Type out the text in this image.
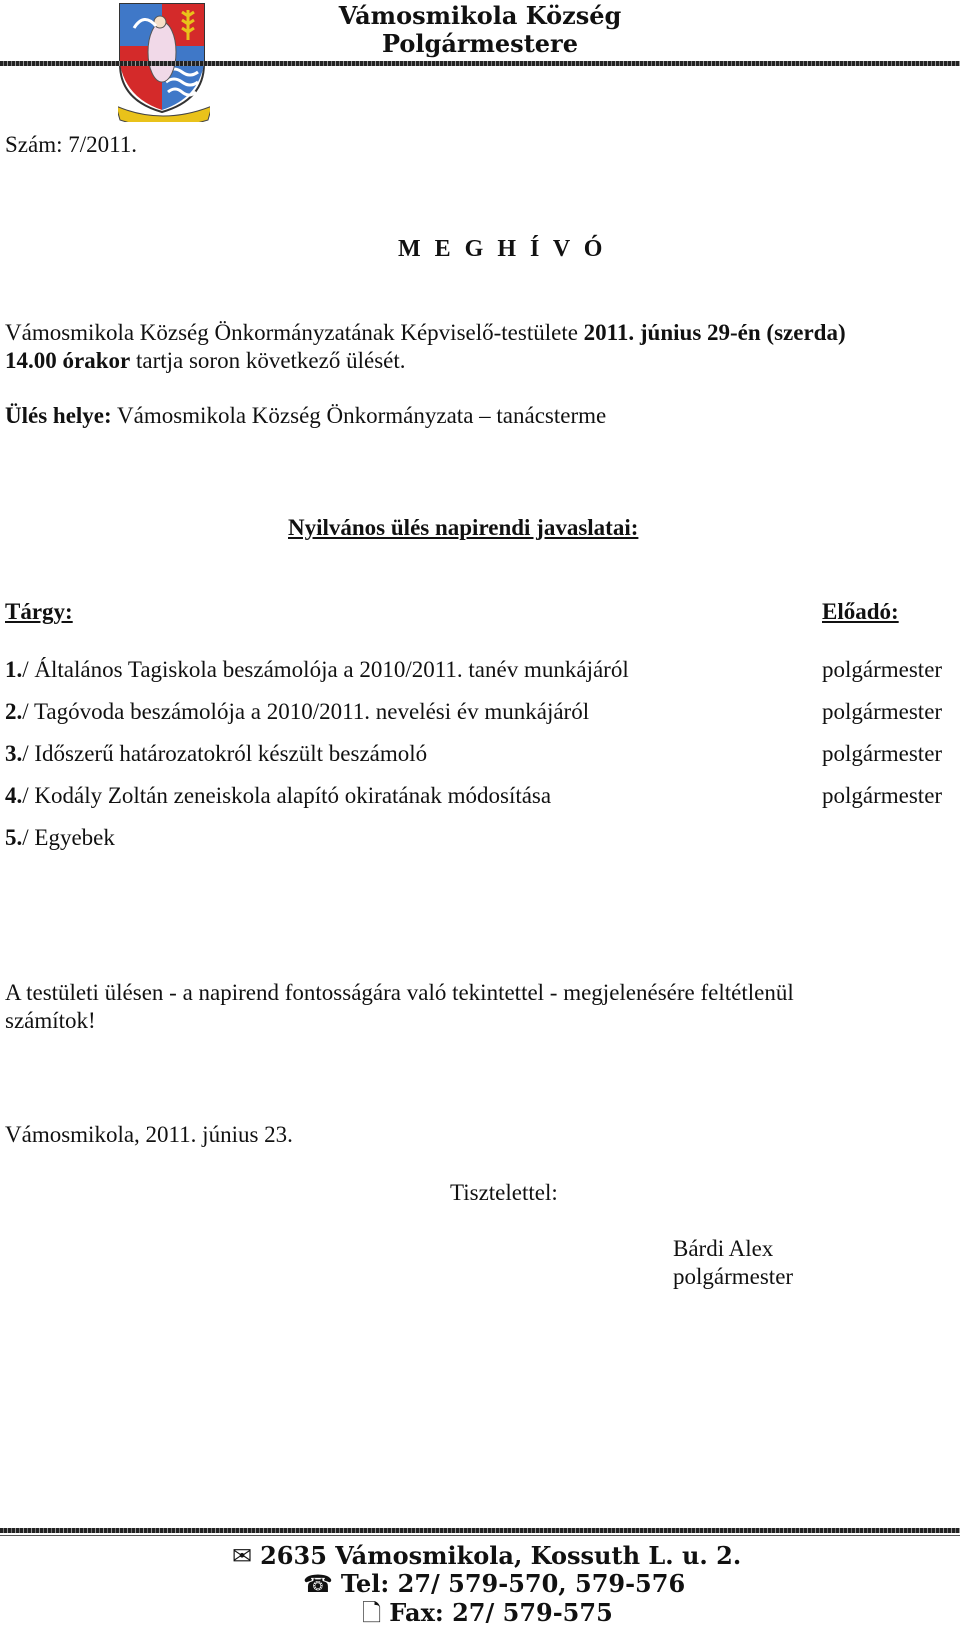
Vámosmikola Község
Polgármestere
Szám: 7/2011.
M E G H Í V Ó
Vámosmikola Község Önkormányzatának Képviselő-testülete 2011. június 29-én (szerda)
14.00 órakor tartja soron következő ülését.
Ülés helye: Vámosmikola Község Önkormányzata – tanácsterme
Nyilvános ülés napirendi javaslatai:
Tárgy:	Előadó:
1./ Általános Tagiskola beszámolója a 2010/2011. tanév munkájáról	polgármester
2./ Tagóvoda beszámolója a 2010/2011. nevelési év munkájáról	polgármester
3./ Időszerű határozatokról készült beszámoló	polgármester
4./ Kodály Zoltán zeneiskola alapító okiratának módosítása	polgármester
5./ Egyebek
A testületi ülésen - a napirend fontosságára való tekintettel - megjelenésére feltétlenül
számítok!
Vámosmikola, 2011. június 23.
Tisztelettel:
Bárdi Alex
polgármester
✉ 2635 Vámosmikola, Kossuth L. u. 2.
☎ Tel: 27/ 579-570, 579-576
🗋 Fax: 27/ 579-575
